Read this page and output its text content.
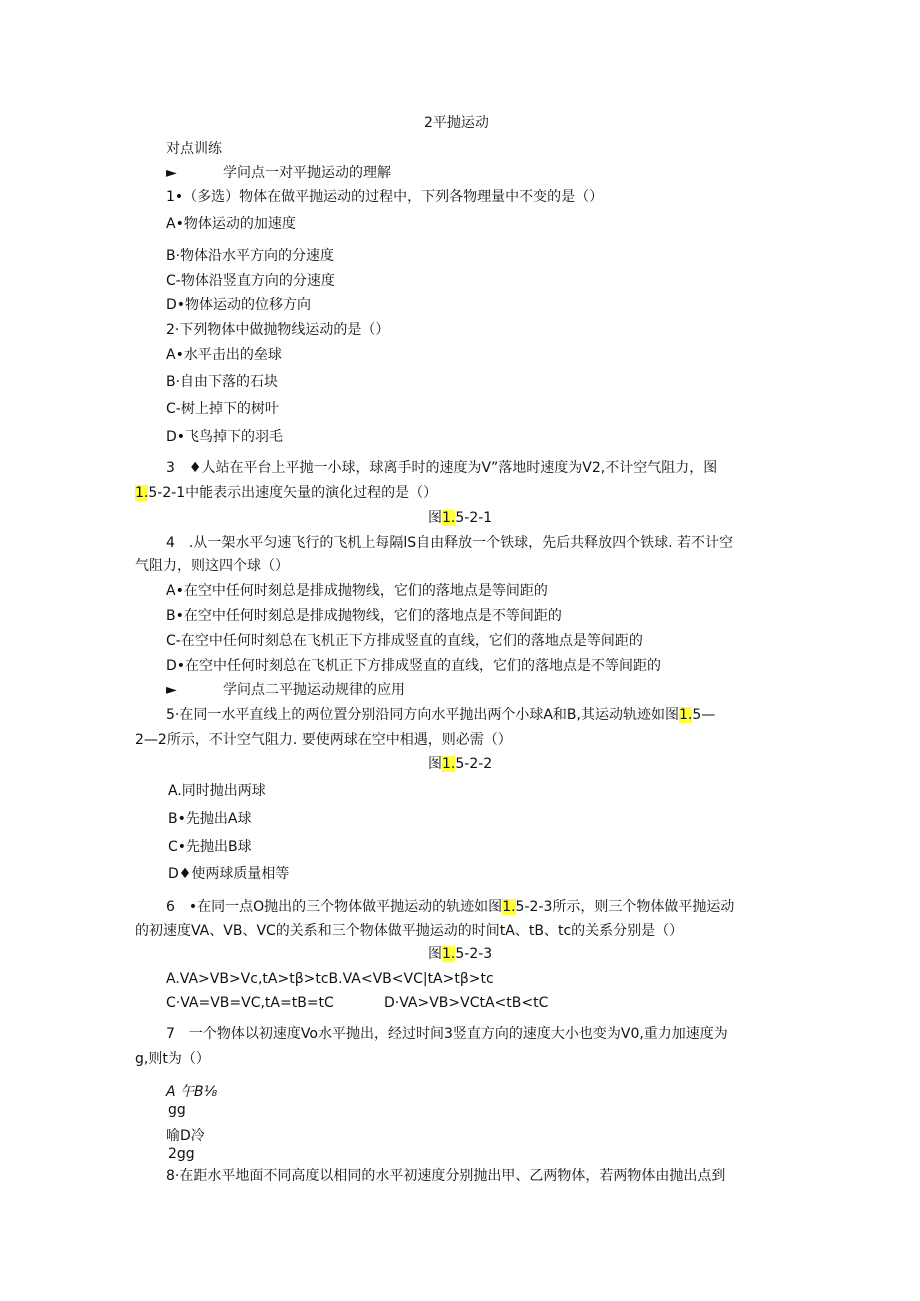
2平抛运动
对点训练
►	学问点一对平抛运动的理解
1•（多选）物体在做平抛运动的过程中，下列各物理量中不变的是（）
A•物体运动的加速度
B·物体沿水平方向的分速度
C-物体沿竖直方向的分速度
D•物体运动的位移方向
2·下列物体中做抛物线运动的是（）
A•水平击出的垒球
B·自由下落的石块
C-树上掉下的树叶
D•飞鸟掉下的羽毛
3　♦人站在平台上平抛一小球，球离手时的速度为V”落地时速度为V2,不计空气阻力，图
1.5-2-1中能表示出速度矢量的演化过程的是（）
图1.5-2-1
4　.从一架水平匀速飞行的飞机上每隔lS自由释放一个铁球，先后共释放四个铁球. 若不计空
气阻力，则这四个球（）
A•在空中任何时刻总是排成抛物线，它们的落地点是等间距的
B•在空中任何时刻总是排成抛物线，它们的落地点是不等间距的
C-在空中任何时刻总在飞机正下方排成竖直的直线，它们的落地点是等间距的
D•在空中任何时刻总在飞机正下方排成竖直的直线，它们的落地点是不等间距的
►	学问点二平抛运动规律的应用
5·在同一水平直线上的两位置分别沿同方向水平抛出两个小球A和B,其运动轨迹如图1.5—
2—2所示，不计空气阻力. 要使两球在空中相遇，则必需（）
图1.5-2-2
A.同时抛出两球
B•先抛出A球
C•先抛出B球
D♦使两球质量相等
6　•在同一点O抛出的三个物体做平抛运动的轨迹如图1.5-2-3所示，则三个物体做平抛运动
的初速度VA、VB、VC的关系和三个物体做平抛运动的时间tA、tB、tc的关系分别是（）
图1.5-2-3
A.VA>VB>Vc,tA>tβ>tcB.VA<VB<VC|tA>tβ>tc
C·VA=VB=VC,tA=tB=tC	D·VA>VB>VCtA<tB<tC
7　一个物体以初速度Vo水平抛出，经过时间3竖直方向的速度大小也变为V0,重力加速度为
g,则t为（）
A 午B⅛
gg
喻D冷
2gg
8·在距水平地面不同高度以相同的水平初速度分别抛出甲、乙两物体，若两物体由抛出点到
